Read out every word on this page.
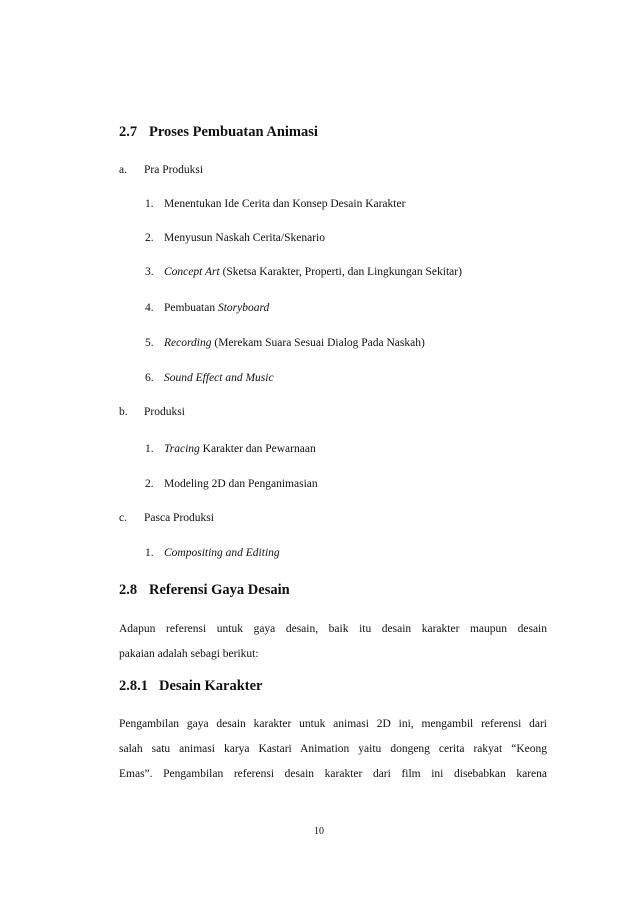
2.7 Proses Pembuatan Animasi
a. Pra Produksi
1. Menentukan Ide Cerita dan Konsep Desain Karakter
2. Menyusun Naskah Cerita/Skenario
3. Concept Art (Sketsa Karakter, Properti, dan Lingkungan Sekitar)
4. Pembuatan Storyboard
5. Recording (Merekam Suara Sesuai Dialog Pada Naskah)
6. Sound Effect and Music
b. Produksi
1. Tracing Karakter dan Pewarnaan
2. Modeling 2D dan Penganimasian
c. Pasca Produksi
1. Compositing and Editing
2.8 Referensi Gaya Desain
Adapun referensi untuk gaya desain, baik itu desain karakter maupun desain
pakaian adalah sebagi berikut:
2.8.1 Desain Karakter
Pengambilan gaya desain karakter untuk animasi 2D ini, mengambil referensi dari
salah satu animasi karya Kastari Animation yaitu dongeng cerita rakyat “Keong
Emas”. Pengambilan referensi desain karakter dari film ini disebabkan karena
10
